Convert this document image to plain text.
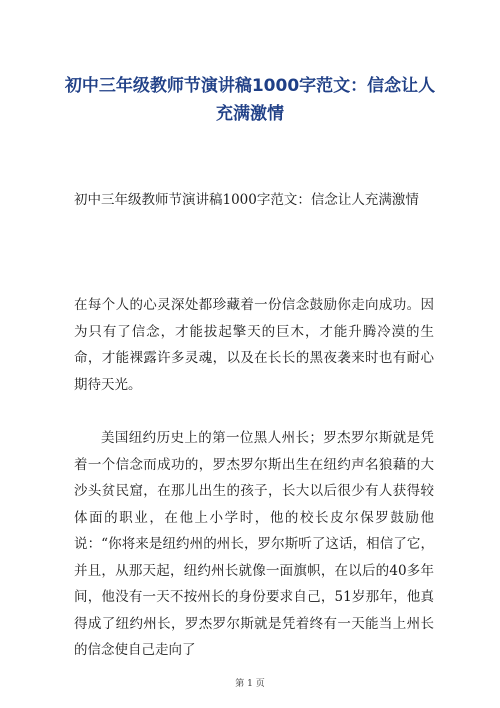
初中三年级教师节演讲稿1000字范文：信念让人充满激情

初中三年级教师节演讲稿1000字范文：信念让人充满激情

在每个人的心灵深处都珍藏着一份信念鼓励你走向成功。因为只有了信念，才能拔起擎天的巨木，才能升腾冷漠的生命，才能裸露许多灵魂，以及在长长的黑夜袭来时也有耐心期待天光。

美国纽约历史上的第一位黑人州长；罗杰罗尔斯就是凭着一个信念而成功的，罗杰罗尔斯出生在纽约声名狼藉的大沙头贫民窟，在那儿出生的孩子，长大以后很少有人获得较体面的职业，在他上小学时，他的校长皮尔保罗鼓励他说：“你将来是纽约州的州长，罗尔斯听了这话，相信了它，并且，从那天起，纽约州长就像一面旗帜，在以后的40多年间，他没有一天不按州长的身份要求自己，51岁那年，他真得成了纽约州长，罗杰罗尔斯就是凭着终有一天能当上州长的信念使自己走向了

第 1 页
